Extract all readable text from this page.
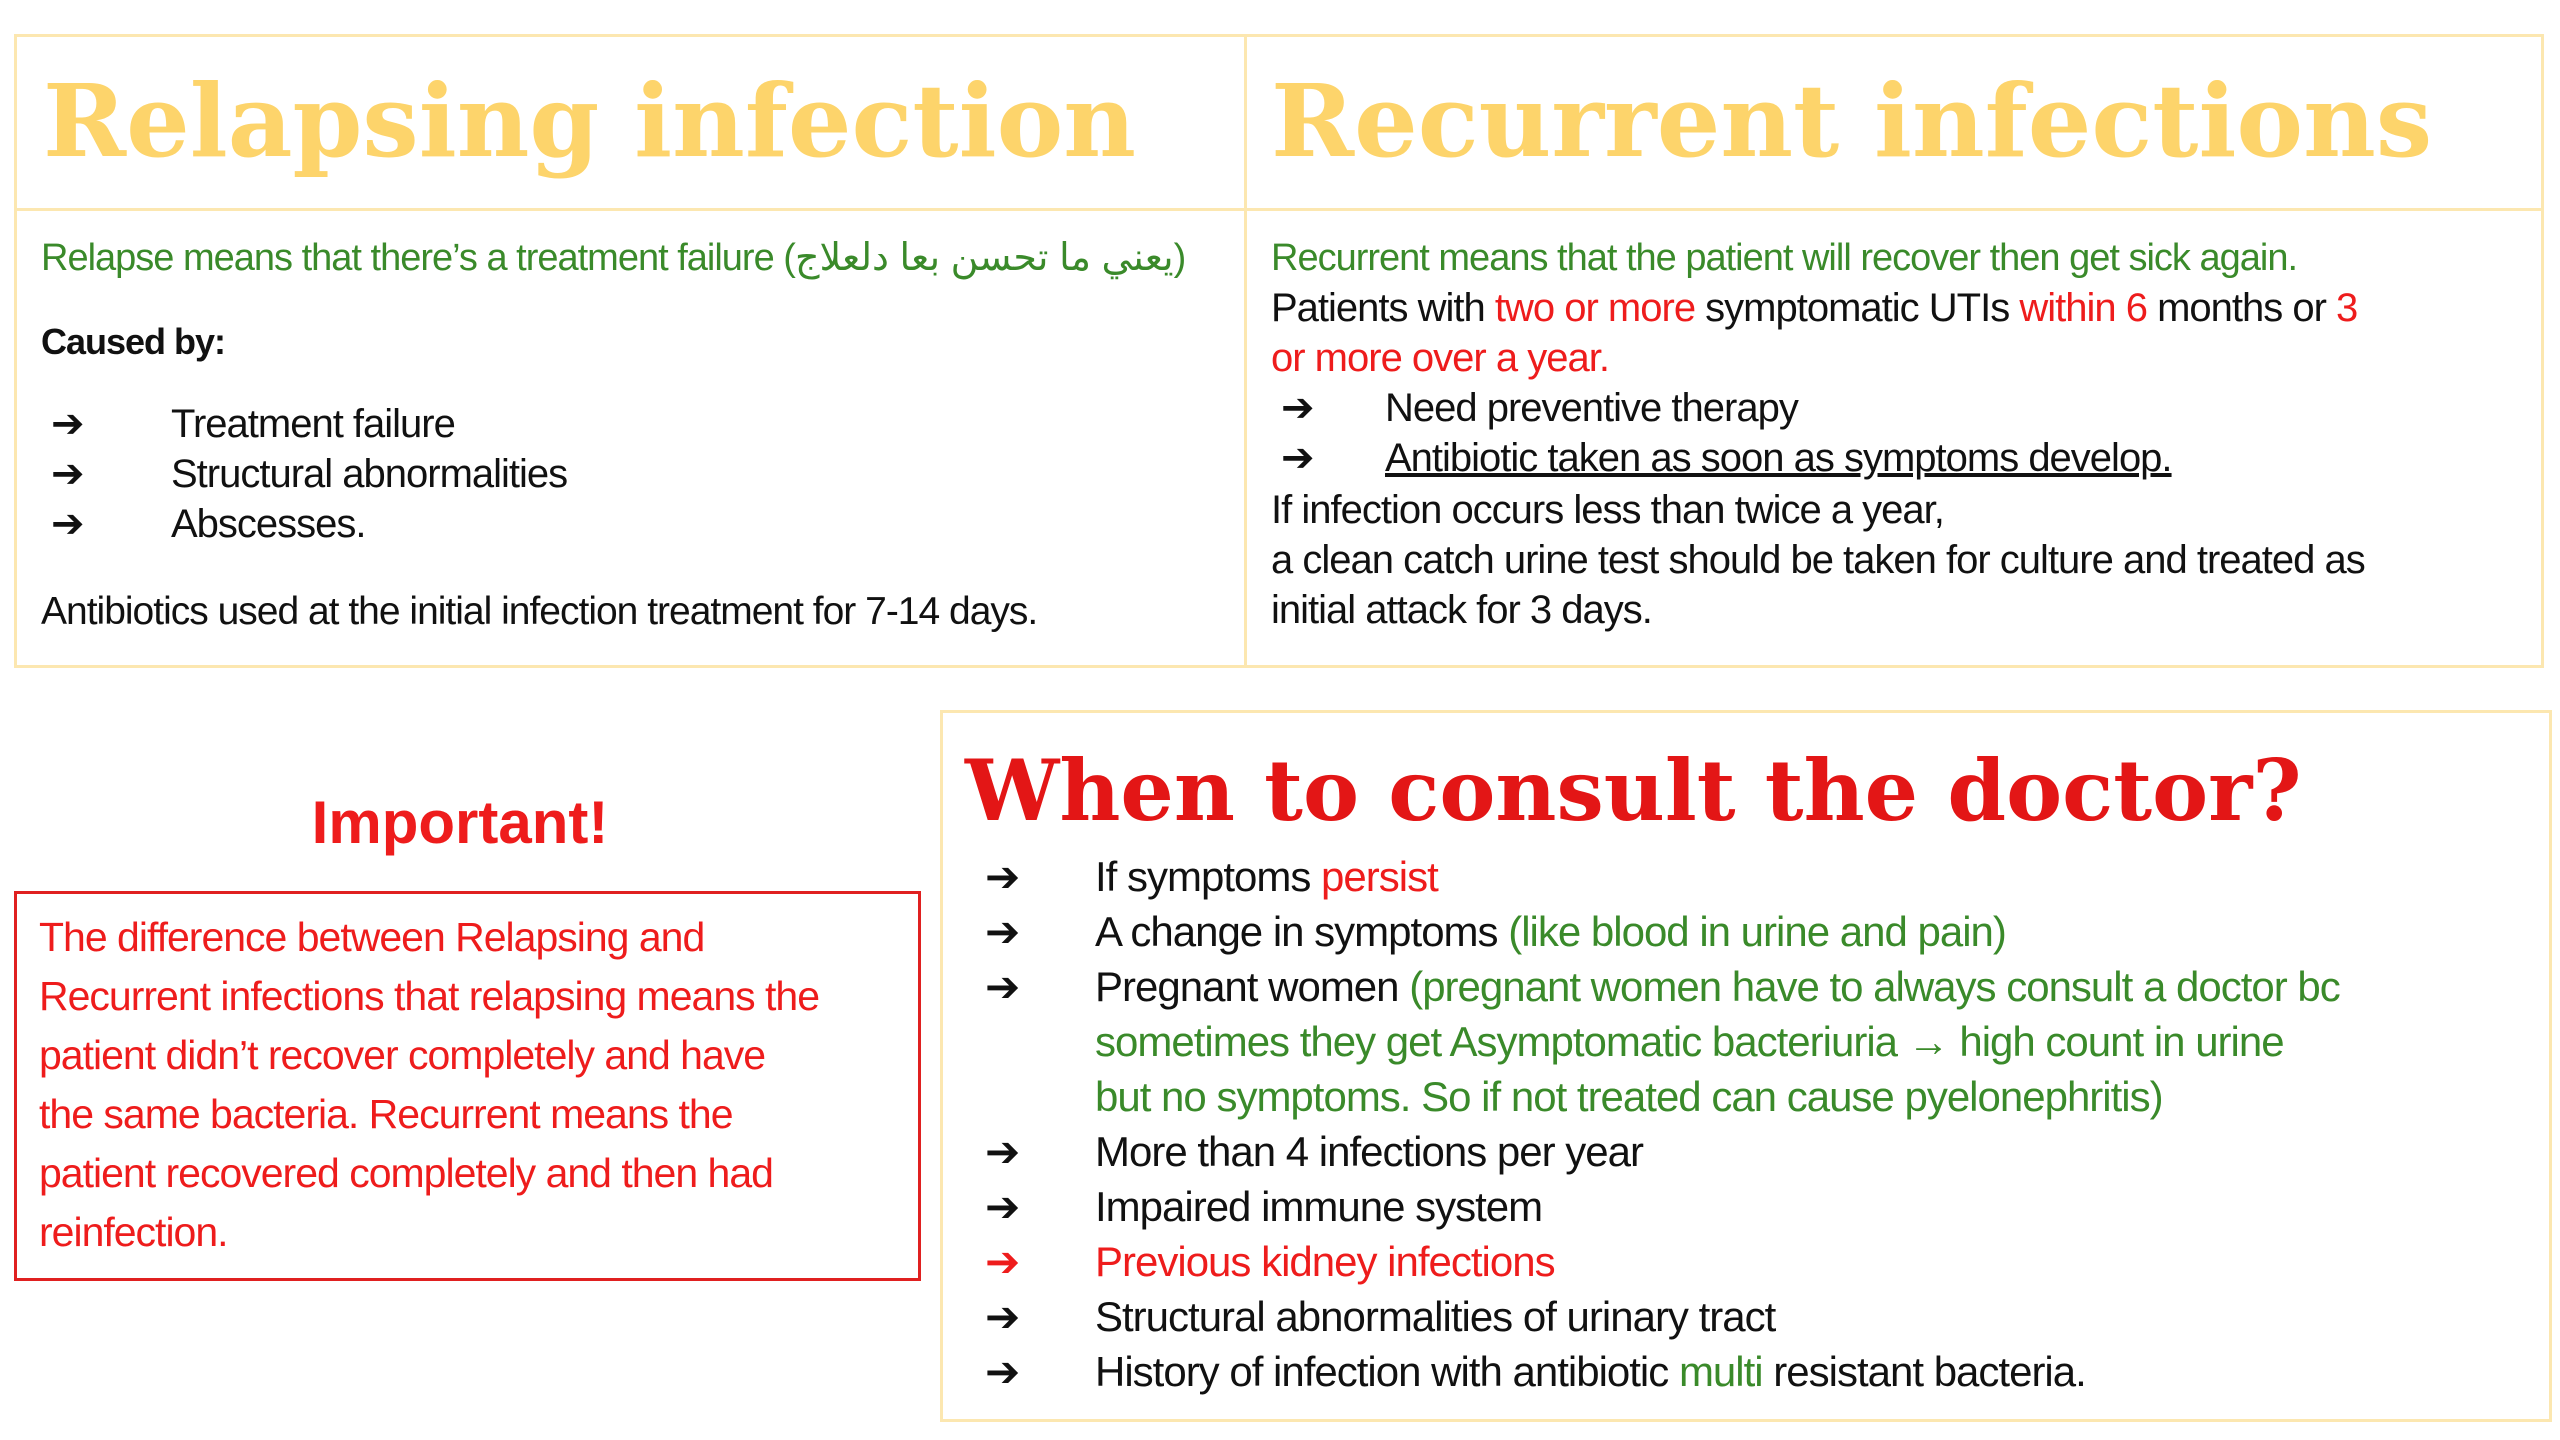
Relapsing infection Recurrent infections
Relapse means that there’s a treatment failure (يعني ما تحسن بعا دلعلاج)
Caused by:
➔ Treatment failure
➔ Structural abnormalities
➔ Abscesses.
Antibiotics used at the initial infection treatment for 7-14 days.
Recurrent means that the patient will recover then get sick again.
Patients with two or more symptomatic UTIs within 6 months or 3
or more over a year.
➔ Need preventive therapy
➔ Antibiotic taken as soon as symptoms develop.
If infection occurs less than twice a year,
a clean catch urine test should be taken for culture and treated as
initial attack for 3 days.
Important!
The difference between Relapsing and
Recurrent infections that relapsing means the
patient didn’t recover completely and have
the same bacteria. Recurrent means the
patient recovered completely and then had
reinfection.
When to consult the doctor?
➔ If symptoms persist
➔ A change in symptoms (like blood in urine and pain)
➔ Pregnant women (pregnant women have to always consult a doctor bc
sometimes they get Asymptomatic bacteriuria → high count in urine
but no symptoms. So if not treated can cause pyelonephritis)
➔ More than 4 infections per year
➔ Impaired immune system
➔ Previous kidney infections
➔ Structural abnormalities of urinary tract
➔ History of infection with antibiotic multi resistant bacteria.
